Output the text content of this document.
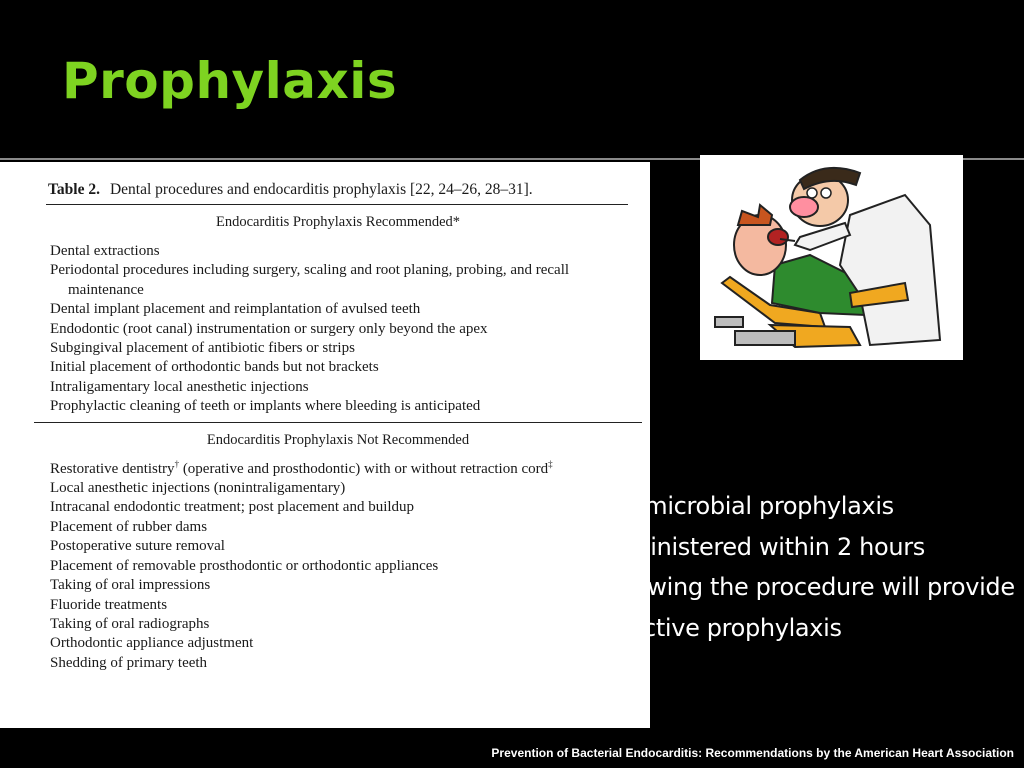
Prophylaxis

Table 2. Dental procedures and endocarditis prophylaxis [22, 24–26, 28–31].

Endocarditis Prophylaxis Recommended*
Dental extractions
Periodontal procedures including surgery, scaling and root planing, probing, and recall maintenance
Dental implant placement and reimplantation of avulsed teeth
Endodontic (root canal) instrumentation or surgery only beyond the apex
Subgingival placement of antibiotic fibers or strips
Initial placement of orthodontic bands but not brackets
Intraligamentary local anesthetic injections
Prophylactic cleaning of teeth or implants where bleeding is anticipated
Endocarditis Prophylaxis Not Recommended
Restorative dentistry† (operative and prosthodontic) with or without retraction cord‡
Local anesthetic injections (nonintraligamentary)
Intracanal endodontic treatment; post placement and buildup
Placement of rubber dams
Postoperative suture removal
Placement of removable prosthodontic or orthodontic appliances
Taking of oral impressions
Fluoride treatments
Taking of oral radiographs
Orthodontic appliance adjustment
Shedding of primary teeth

Antimicrobial prophylaxis administered within 2 hours following the procedure will provide effective prophylaxis

Prevention of Bacterial Endocarditis: Recommendations by the American Heart Association
